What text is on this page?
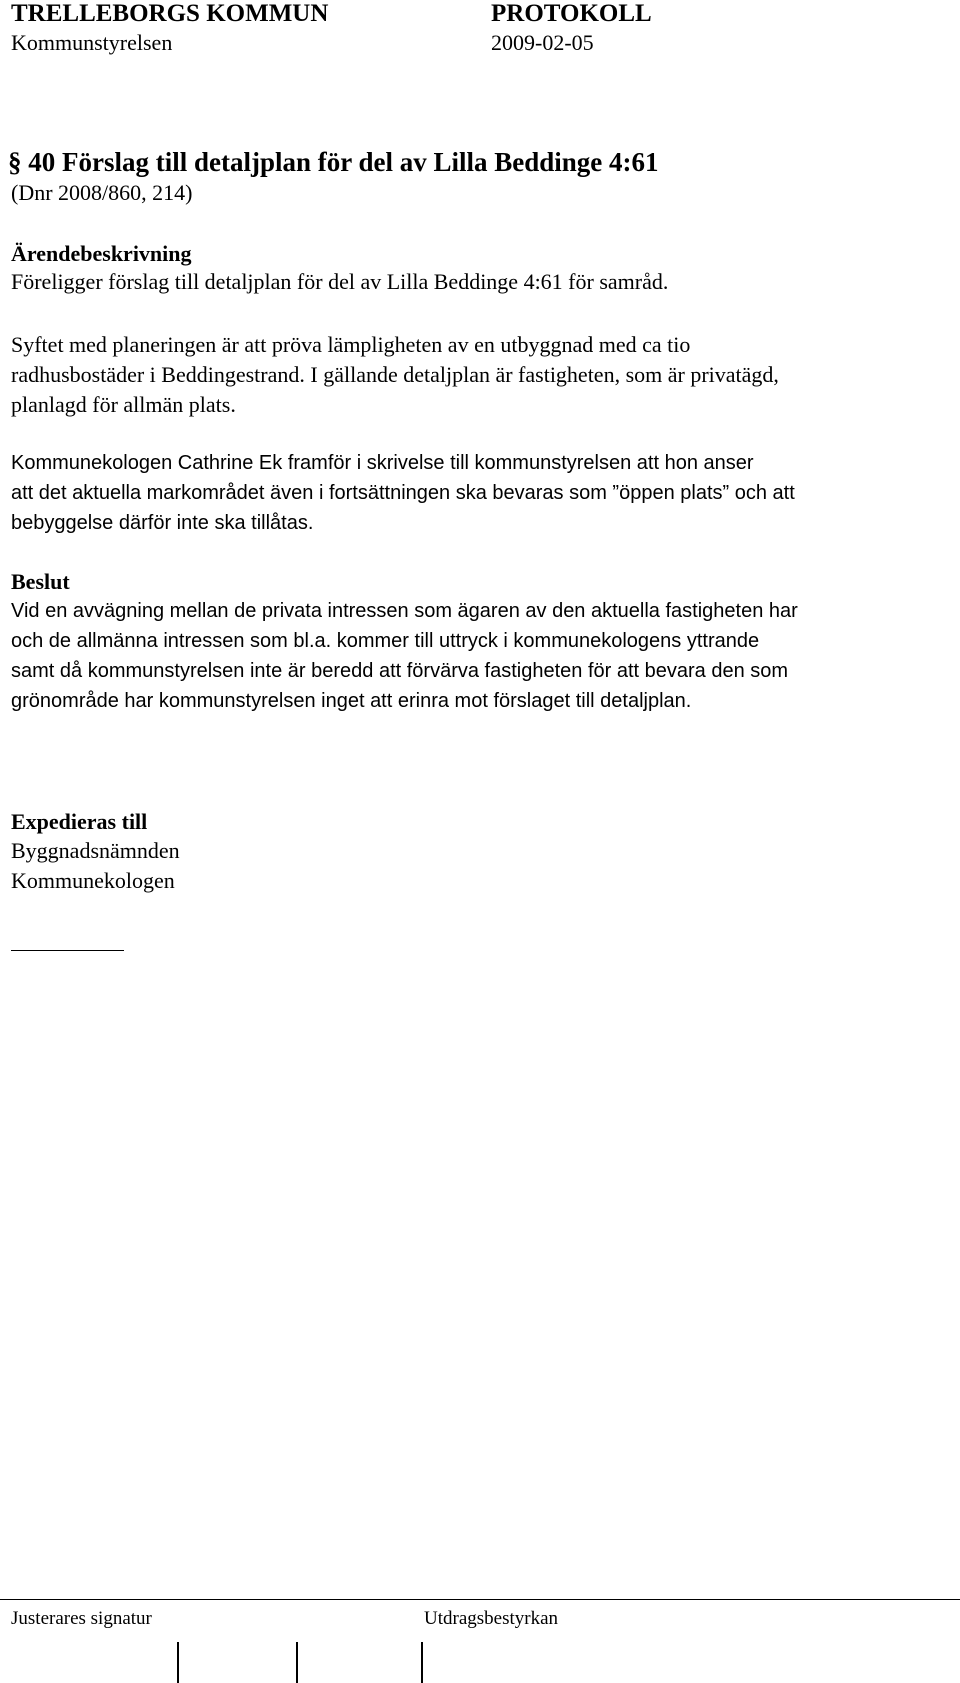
TRELLEBORGS KOMMUN	PROTOKOLL
Kommunstyrelsen	2009-02-05
§ 40 Förslag till detaljplan för del av Lilla Beddinge 4:61
(Dnr 2008/860, 214)
Ärendebeskrivning
Föreligger förslag till detaljplan för del av Lilla Beddinge 4:61 för samråd.

Syftet med planeringen är att pröva lämpligheten av en utbyggnad med ca tio

radhusbostäder i Beddingestrand. I gällande detaljplan är fastigheten, som är privatägd,

planlagd för allmän plats.

Kommunekologen Cathrine Ek framför i skrivelse till kommunstyrelsen att hon anser

att det aktuella markområdet även i fortsättningen ska bevaras som ”öppen plats” och att

bebyggelse därför inte ska tillåtas.

Beslut

Vid en avvägning mellan de privata intressen som ägaren av den aktuella fastigheten har

och de allmänna intressen som bl.a. kommer till uttryck i kommunekologens yttrande

samt då kommunstyrelsen inte är beredd att förvärva fastigheten för att bevara den som

grönområde har kommunstyrelsen inget att erinra mot förslaget till detaljplan.

Expedieras till
Byggnadsnämnden
Kommunekologen
Justerares signatur	Utdragsbestyrkan
